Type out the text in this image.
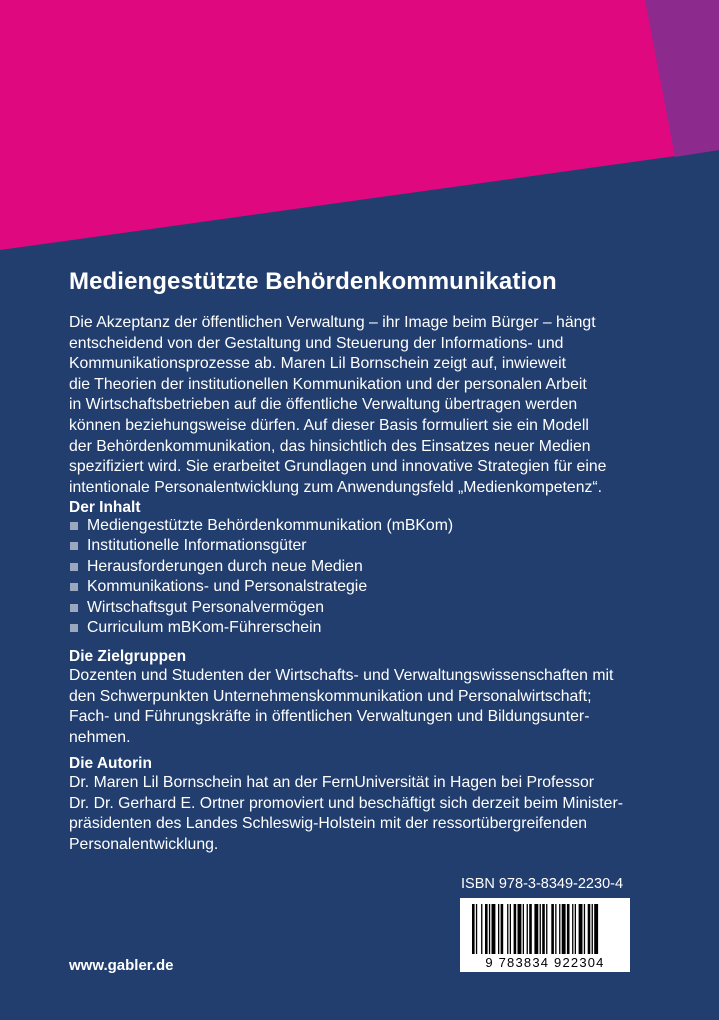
Mediengestützte Behördenkommunikation
Die Akzeptanz der öffentlichen Verwaltung – ihr Image beim Bürger – hängt
entscheidend von der Gestaltung und Steuerung der Informations- und
Kommunikationsprozesse ab. Maren Lil Bornschein zeigt auf, inwieweit
die Theorien der institutionellen Kommunikation und der personalen Arbeit
in Wirtschaftsbetrieben auf die öffentliche Verwaltung übertragen werden
können beziehungsweise dürfen. Auf dieser Basis formuliert sie ein Modell
der Behördenkommunikation, das hinsichtlich des Einsatzes neuer Medien
spezifiziert wird. Sie erarbeitet Grundlagen und innovative Strategien für eine
intentionale Personalentwicklung zum Anwendungsfeld „Medienkompetenz“.
Der Inhalt
Mediengestützte Behördenkommunikation (mBKom)
Institutionelle Informationsgüter
Herausforderungen durch neue Medien
Kommunikations- und Personalstrategie
Wirtschaftsgut Personalvermögen
Curriculum mBKom-Führerschein
Die Zielgruppen
Dozenten und Studenten der Wirtschafts- und Verwaltungswissenschaften mit
den Schwerpunkten Unternehmenskommunikation und Personalwirtschaft;
Fach- und Führungskräfte in öffentlichen Verwaltungen und Bildungsunter-
nehmen.
Die Autorin
Dr. Maren Lil Bornschein hat an der FernUniversität in Hagen bei Professor
Dr. Dr. Gerhard E. Ortner promoviert und beschäftigt sich derzeit beim Minister-
präsidenten des Landes Schleswig-Holstein mit der ressortübergreifenden
Personalentwicklung.
ISBN 978-3-8349-2230-4
9 783834 922304
www.gabler.de
